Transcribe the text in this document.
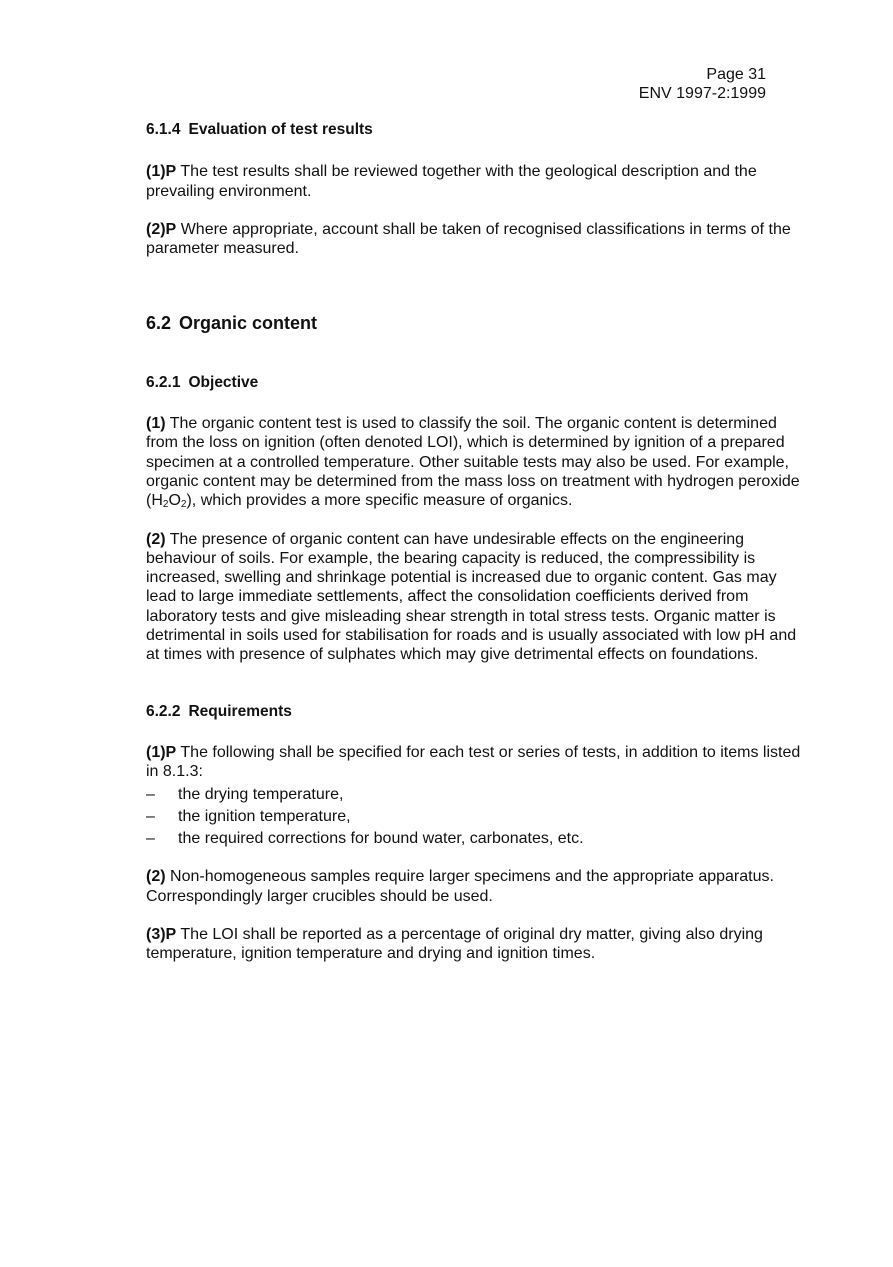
Page 31
ENV 1997-2:1999
6.1.4 Evaluation of test results

(1)P The test results shall be reviewed together with the geological description and the prevailing environment.

(2)P Where appropriate, account shall be taken of recognised classifications in terms of the parameter measured.

6.2 Organic content
6.2.1 Objective

(1) The organic content test is used to classify the soil. The organic content is determined from the loss on ignition (often denoted LOI), which is determined by ignition of a prepared specimen at a controlled temperature. Other suitable tests may also be used. For example, organic content may be determined from the mass loss on treatment with hydrogen peroxide $(H_2O_2)$, which provides a more specific measure of organics.

(2) The presence of organic content can have undesirable effects on the engineering behaviour of soils. For example, the bearing capacity is reduced, the compressibility is increased, swelling and shrinkage potential is increased due to organic content. Gas may lead to large immediate settlements, affect the consolidation coefficients derived from laboratory tests and give misleading shear strength in total stress tests. Organic matter is detrimental in soils used for stabilisation for roads and is usually associated with low pH and at times with presence of sulphates which may give detrimental effects on foundations.

6.2.2 Requirements

(1)P The following shall be specified for each test or series of tests, in addition to items listed in 8.1.3:

– the drying temperature,

– the ignition temperature,

– the required corrections for bound water, carbonates, etc.

(2) Non-homogeneous samples require larger specimens and the appropriate apparatus. Correspondingly larger crucibles should be used.

(3)P The LOI shall be reported as a percentage of original dry matter, giving also drying temperature, ignition temperature and drying and ignition times.
